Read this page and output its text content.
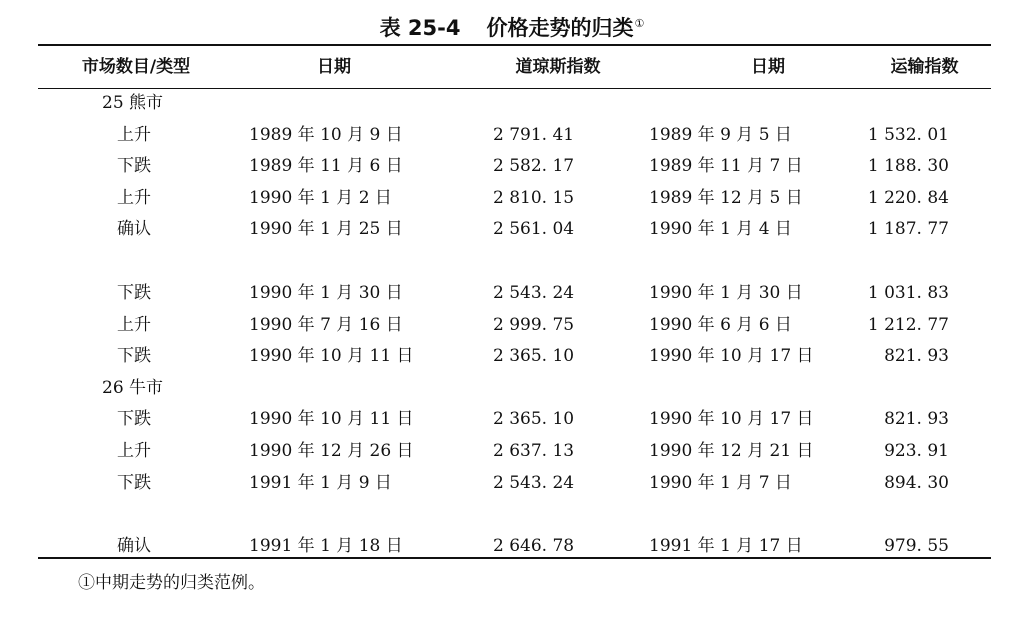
表 25-4 价格走势的归类①
市场数目/类型	日期	道琼斯指数	日期	运输指数
25 熊市
上升	1989 年 10 月 9 日	2 791. 41	1989 年 9 月 5 日	1 532. 01
下跌	1989 年 11 月 6 日	2 582. 17	1989 年 11 月 7 日	1 188. 30
上升	1990 年 1 月 2 日	2 810. 15	1989 年 12 月 5 日	1 220. 84
确认	1990 年 1 月 25 日	2 561. 04	1990 年 1 月 4 日	1 187. 77
下跌	1990 年 1 月 30 日	2 543. 24	1990 年 1 月 30 日	1 031. 83
上升	1990 年 7 月 16 日	2 999. 75	1990 年 6 月 6 日	1 212. 77
下跌	1990 年 10 月 11 日	2 365. 10	1990 年 10 月 17 日	821. 93
26 牛市
下跌	1990 年 10 月 11 日	2 365. 10	1990 年 10 月 17 日	821. 93
上升	1990 年 12 月 26 日	2 637. 13	1990 年 12 月 21 日	923. 91
下跌	1991 年 1 月 9 日	2 543. 24	1990 年 1 月 7 日	894. 30
确认	1991 年 1 月 18 日	2 646. 78	1991 年 1 月 17 日	979. 55
①中期走势的归类范例。
